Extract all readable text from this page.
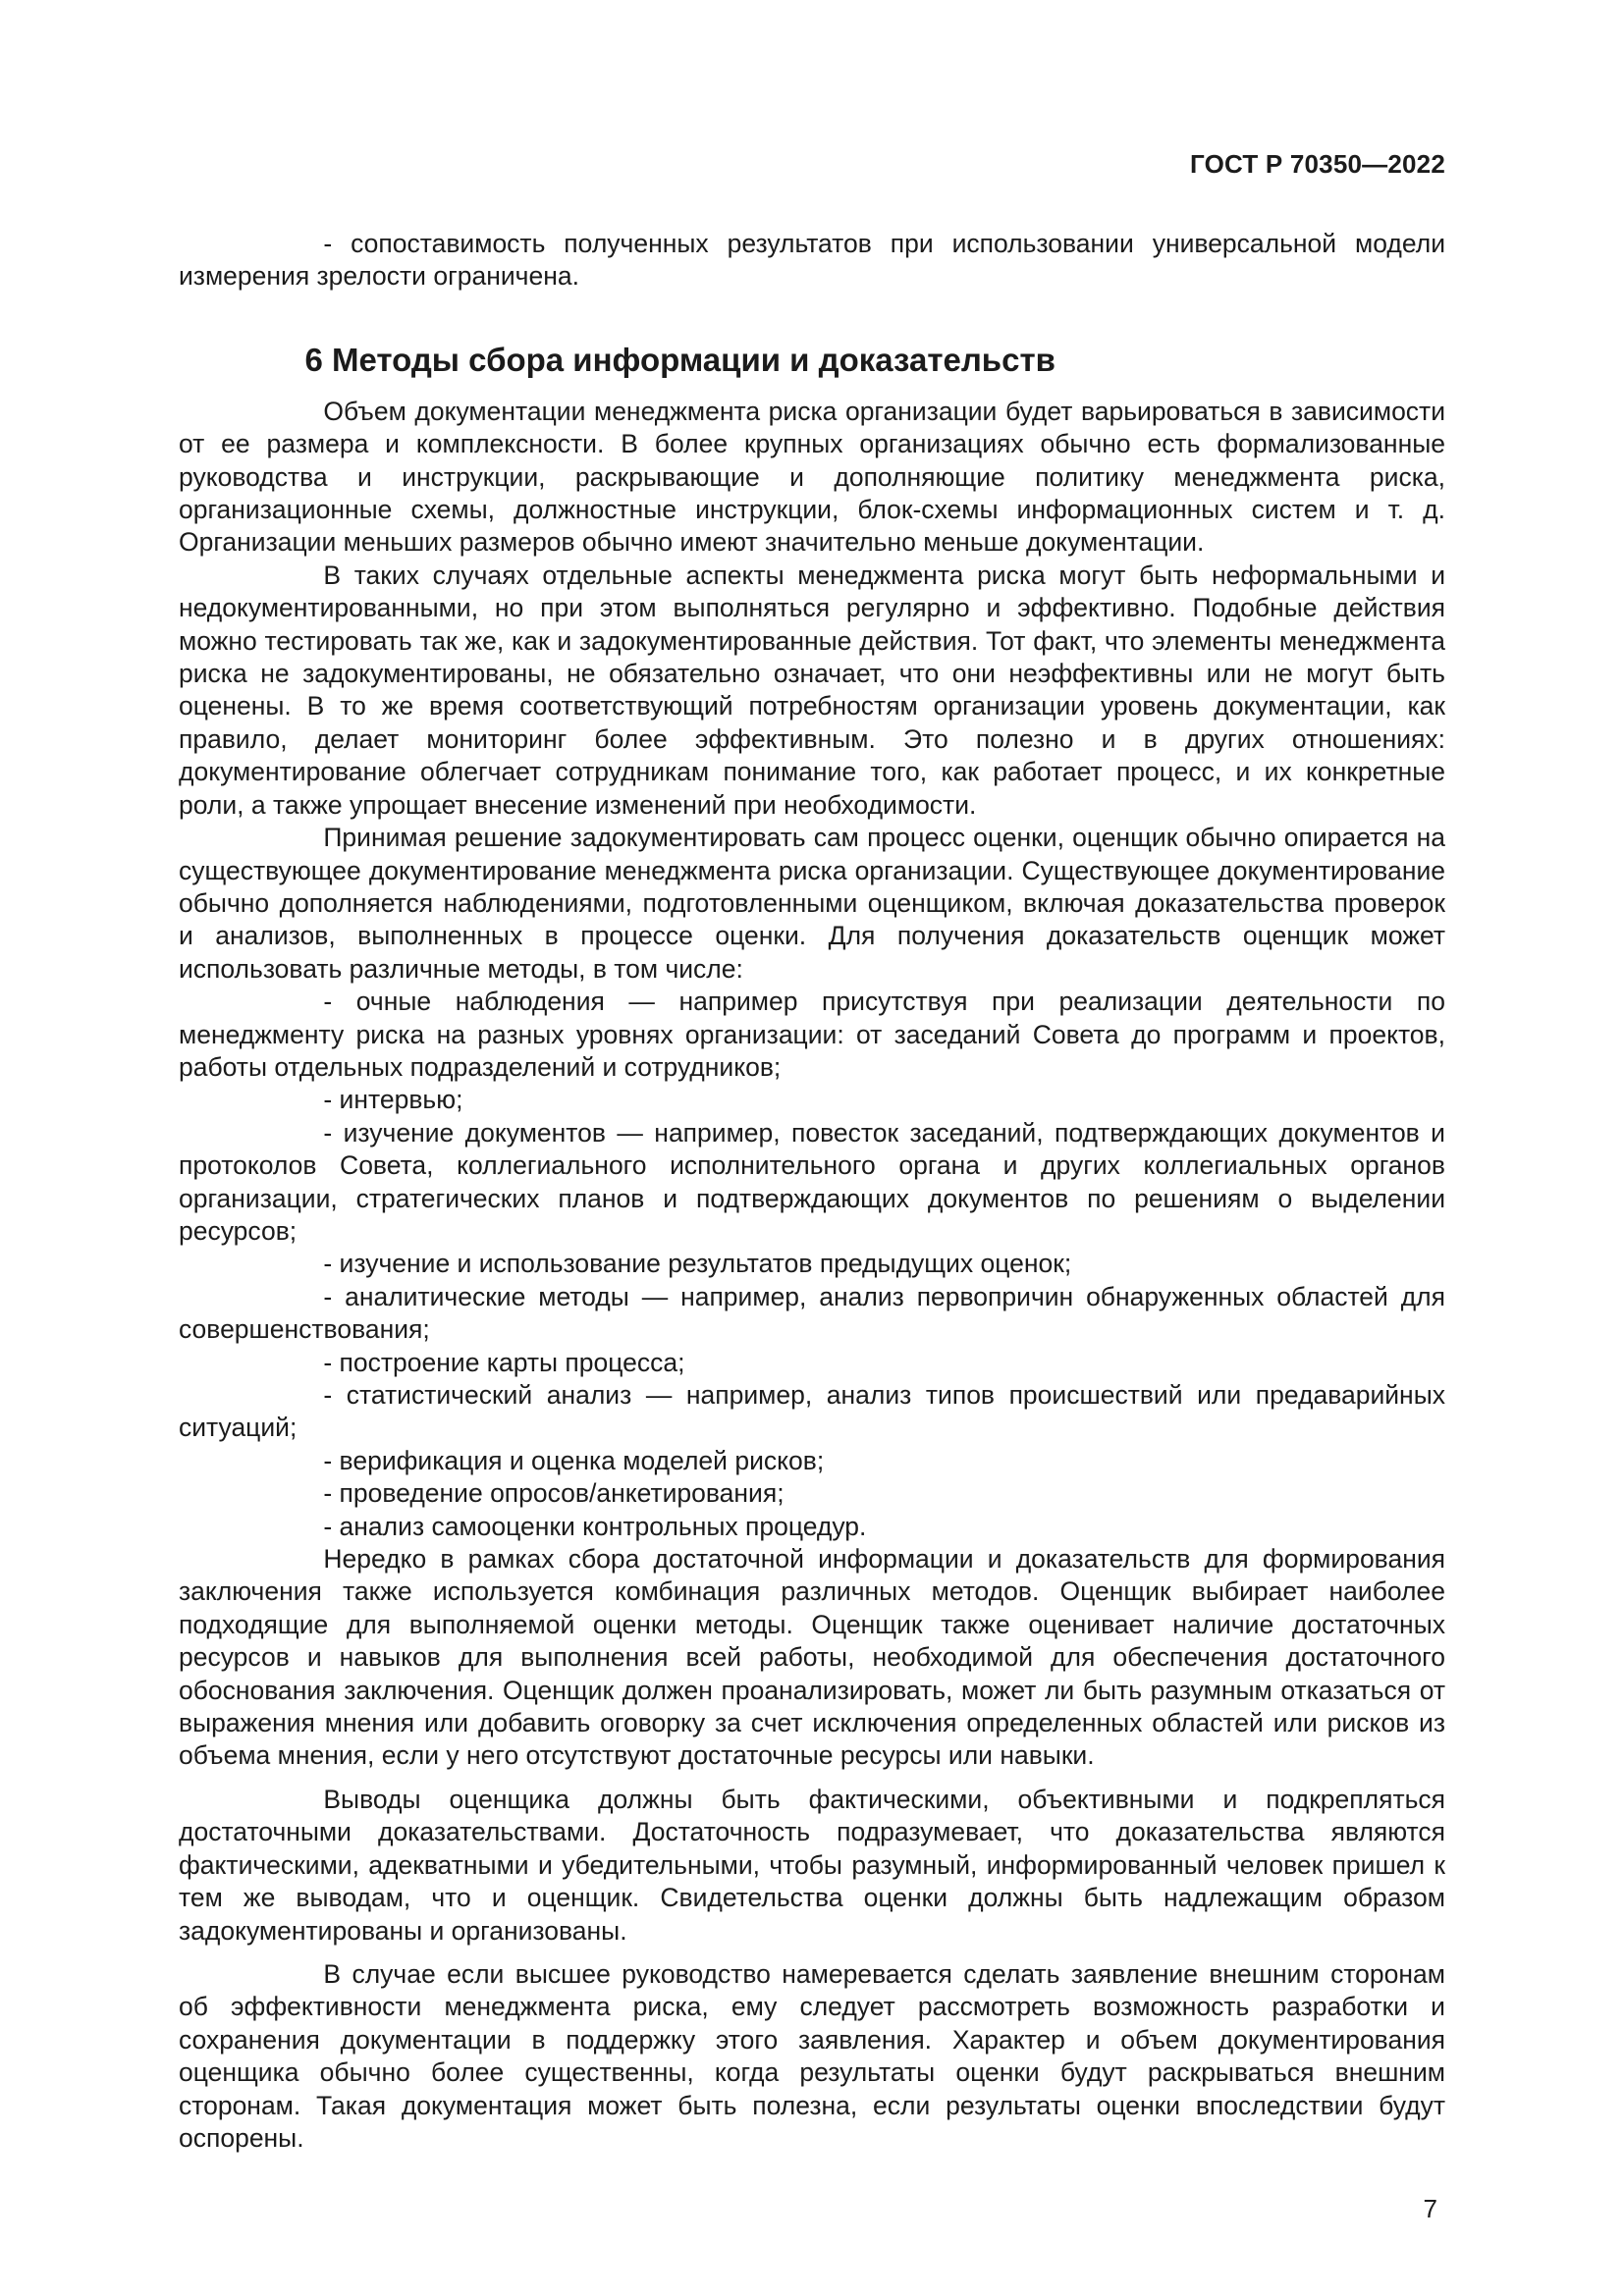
ГОСТ Р 70350—2022

- сопоставимость полученных результатов при использовании универсальной модели измерения зрелости ограничена.

6 Методы сбора информации и доказательств

Объем документации менеджмента риска организации будет варьироваться в зависимости от ее размера и комплексности. В более крупных организациях обычно есть формализованные руководства и инструкции, раскрывающие и дополняющие политику менеджмента риска, организационные схемы, должностные инструкции, блок-схемы информационных систем и т. д. Организации меньших размеров обычно имеют значительно меньше документации.

В таких случаях отдельные аспекты менеджмента риска могут быть неформальными и недокументированными, но при этом выполняться регулярно и эффективно. Подобные действия можно тестировать так же, как и задокументированные действия. Тот факт, что элементы менеджмента риска не задокументированы, не обязательно означает, что они неэффективны или не могут быть оценены. В то же время соответствующий потребностям организации уровень документации, как правило, делает мониторинг более эффективным. Это полезно и в других отношениях: документирование облегчает сотрудникам понимание того, как работает процесс, и их конкретные роли, а также упрощает внесение изменений при необходимости.

Принимая решение задокументировать сам процесс оценки, оценщик обычно опирается на существующее документирование менеджмента риска организации. Существующее документирование обычно дополняется наблюдениями, подготовленными оценщиком, включая доказательства проверок и анализов, выполненных в процессе оценки. Для получения доказательств оценщик может использовать различные методы, в том числе:

- очные наблюдения — например присутствуя при реализации деятельности по менеджменту риска на разных уровнях организации: от заседаний Совета до программ и проектов, работы отдельных подразделений и сотрудников;

- интервью;

- изучение документов — например, повесток заседаний, подтверждающих документов и протоколов Совета, коллегиального исполнительного органа и других коллегиальных органов организации, стратегических планов и подтверждающих документов по решениям о выделении ресурсов;

- изучение и использование результатов предыдущих оценок;

- аналитические методы — например, анализ первопричин обнаруженных областей для совершенствования;

- построение карты процесса;

- статистический анализ — например, анализ типов происшествий или предаварийных ситуаций;

- верификация и оценка моделей рисков;

- проведение опросов/анкетирования;

- анализ самооценки контрольных процедур.

Нередко в рамках сбора достаточной информации и доказательств для формирования заключения также используется комбинация различных методов. Оценщик выбирает наиболее подходящие для выполняемой оценки методы. Оценщик также оценивает наличие достаточных ресурсов и навыков для выполнения всей работы, необходимой для обеспечения достаточного обоснования заключения. Оценщик должен проанализировать, может ли быть разумным отказаться от выражения мнения или добавить оговорку за счет исключения определенных областей или рисков из объема мнения, если у него отсутствуют достаточные ресурсы или навыки.

Выводы оценщика должны быть фактическими, объективными и подкрепляться достаточными доказательствами. Достаточность подразумевает, что доказательства являются фактическими, адекватными и убедительными, чтобы разумный, информированный человек пришел к тем же выводам, что и оценщик. Свидетельства оценки должны быть надлежащим образом задокументированы и организованы.

В случае если высшее руководство намеревается сделать заявление внешним сторонам об эффективности менеджмента риска, ему следует рассмотреть возможность разработки и сохранения документации в поддержку этого заявления. Характер и объем документирования оценщика обычно более существенны, когда результаты оценки будут раскрываться внешним сторонам. Такая документация может быть полезна, если результаты оценки впоследствии будут оспорены.

7
